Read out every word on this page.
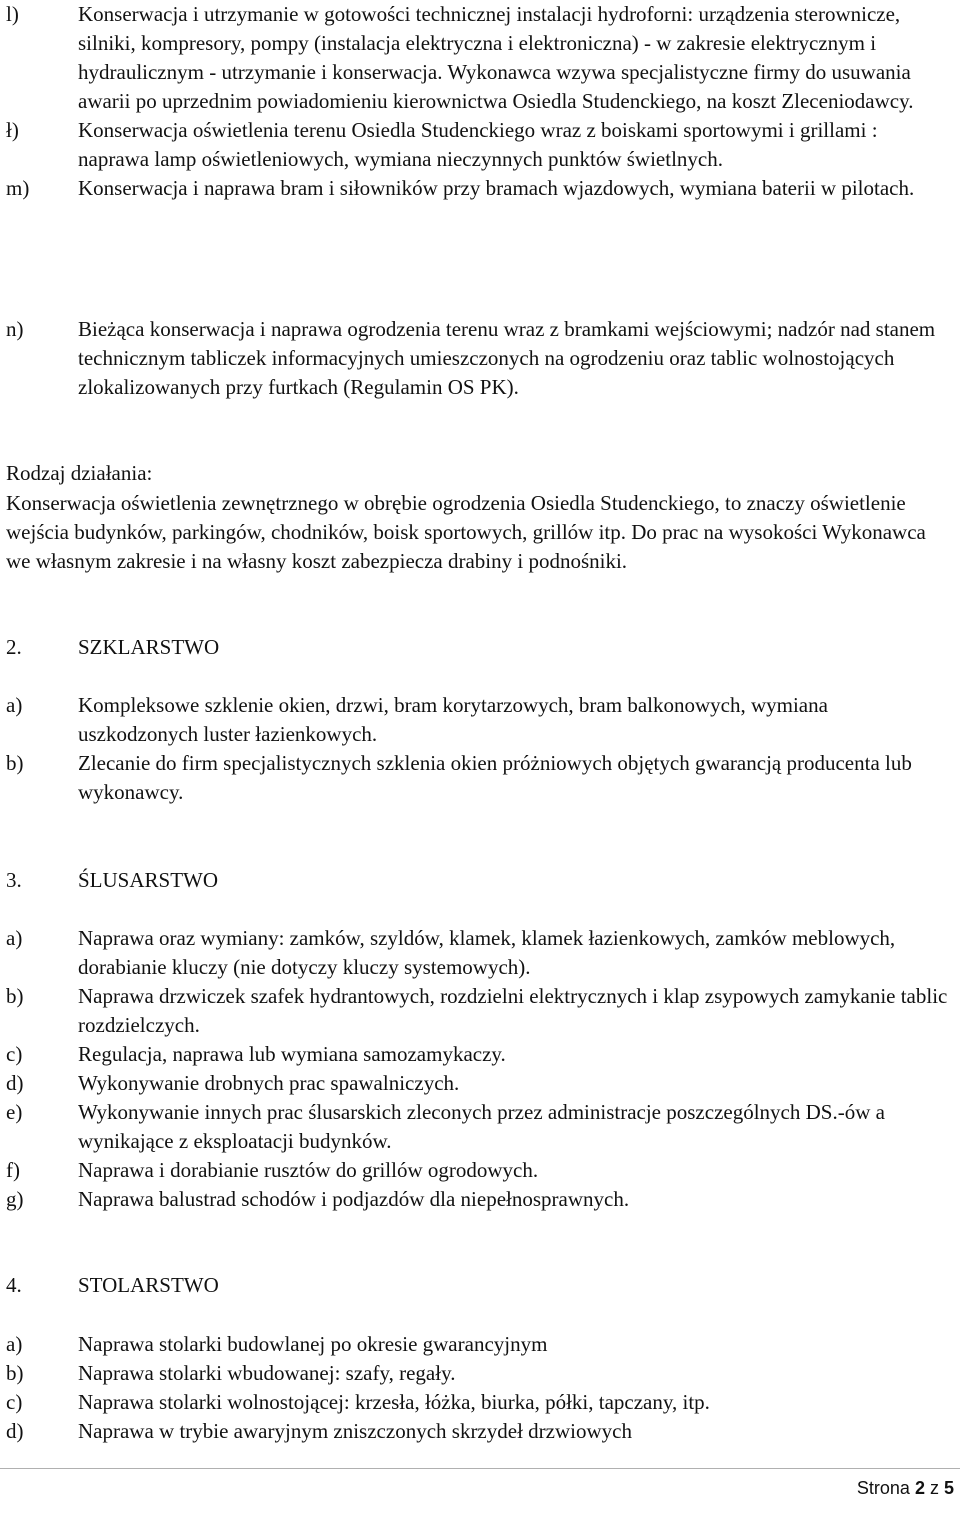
l)	Konserwacja i utrzymanie w gotowości technicznej instalacji hydroforni: urządzenia sterownicze, silniki, kompresory, pompy (instalacja elektryczna i elektroniczna) - w zakresie elektrycznym i hydraulicznym - utrzymanie i konserwacja. Wykonawca wzywa specjalistyczne firmy do usuwania awarii po uprzednim powiadomieniu kierownictwa Osiedla Studenckiego, na koszt Zleceniodawcy.
ł)	Konserwacja oświetlenia terenu Osiedla Studenckiego wraz z boiskami sportowymi i grillami : naprawa lamp oświetleniowych, wymiana nieczynnych punktów świetlnych.
m)	Konserwacja i naprawa bram i siłowników przy bramach wjazdowych, wymiana baterii w pilotach.
n)	Bieżąca konserwacja i naprawa ogrodzenia terenu wraz z bramkami wejściowymi; nadzór nad stanem technicznym tabliczek informacyjnych umieszczonych na ogrodzeniu oraz tablic wolnostojących zlokalizowanych przy furtkach (Regulamin OS PK).
Rodzaj działania:
Konserwacja oświetlenia zewnętrznego w obrębie ogrodzenia Osiedla Studenckiego, to znaczy oświetlenie wejścia budynków, parkingów, chodników, boisk sportowych, grillów itp. Do prac na wysokości Wykonawca we własnym zakresie i na własny koszt zabezpiecza drabiny i podnośniki.
2.	SZKLARSTWO
a)	Kompleksowe szklenie okien, drzwi, bram korytarzowych, bram balkonowych, wymiana uszkodzonych luster łazienkowych.
b)	Zlecanie do firm specjalistycznych szklenia okien próżniowych objętych gwarancją producenta lub wykonawcy.
3.	ŚLUSARSTWO
a)	Naprawa oraz wymiany: zamków, szyldów, klamek, klamek łazienkowych, zamków meblowych, dorabianie kluczy (nie dotyczy kluczy systemowych).
b)	Naprawa drzwiczek szafek hydrantowych, rozdzielni elektrycznych i klap zsypowych zamykanie tablic rozdzielczych.
c)	Regulacja, naprawa lub wymiana samozamykaczy.
d)	Wykonywanie drobnych prac spawalniczych.
e)	Wykonywanie innych prac ślusarskich zleconych przez administracje poszczególnych DS.-ów a wynikające z eksploatacji budynków.
f)	Naprawa i dorabianie rusztów do grillów ogrodowych.
g)	Naprawa balustrad schodów i podjazdów dla niepełnosprawnych.
4.	STOLARSTWO
a)	Naprawa stolarki budowlanej po okresie gwarancyjnym
b)	Naprawa stolarki wbudowanej: szafy, regały.
c)	Naprawa stolarki wolnostojącej: krzesła, łóżka, biurka, półki, tapczany, itp.
d)	Naprawa w trybie awaryjnym zniszczonych skrzydeł drzwiowych
Strona 2 z 5
